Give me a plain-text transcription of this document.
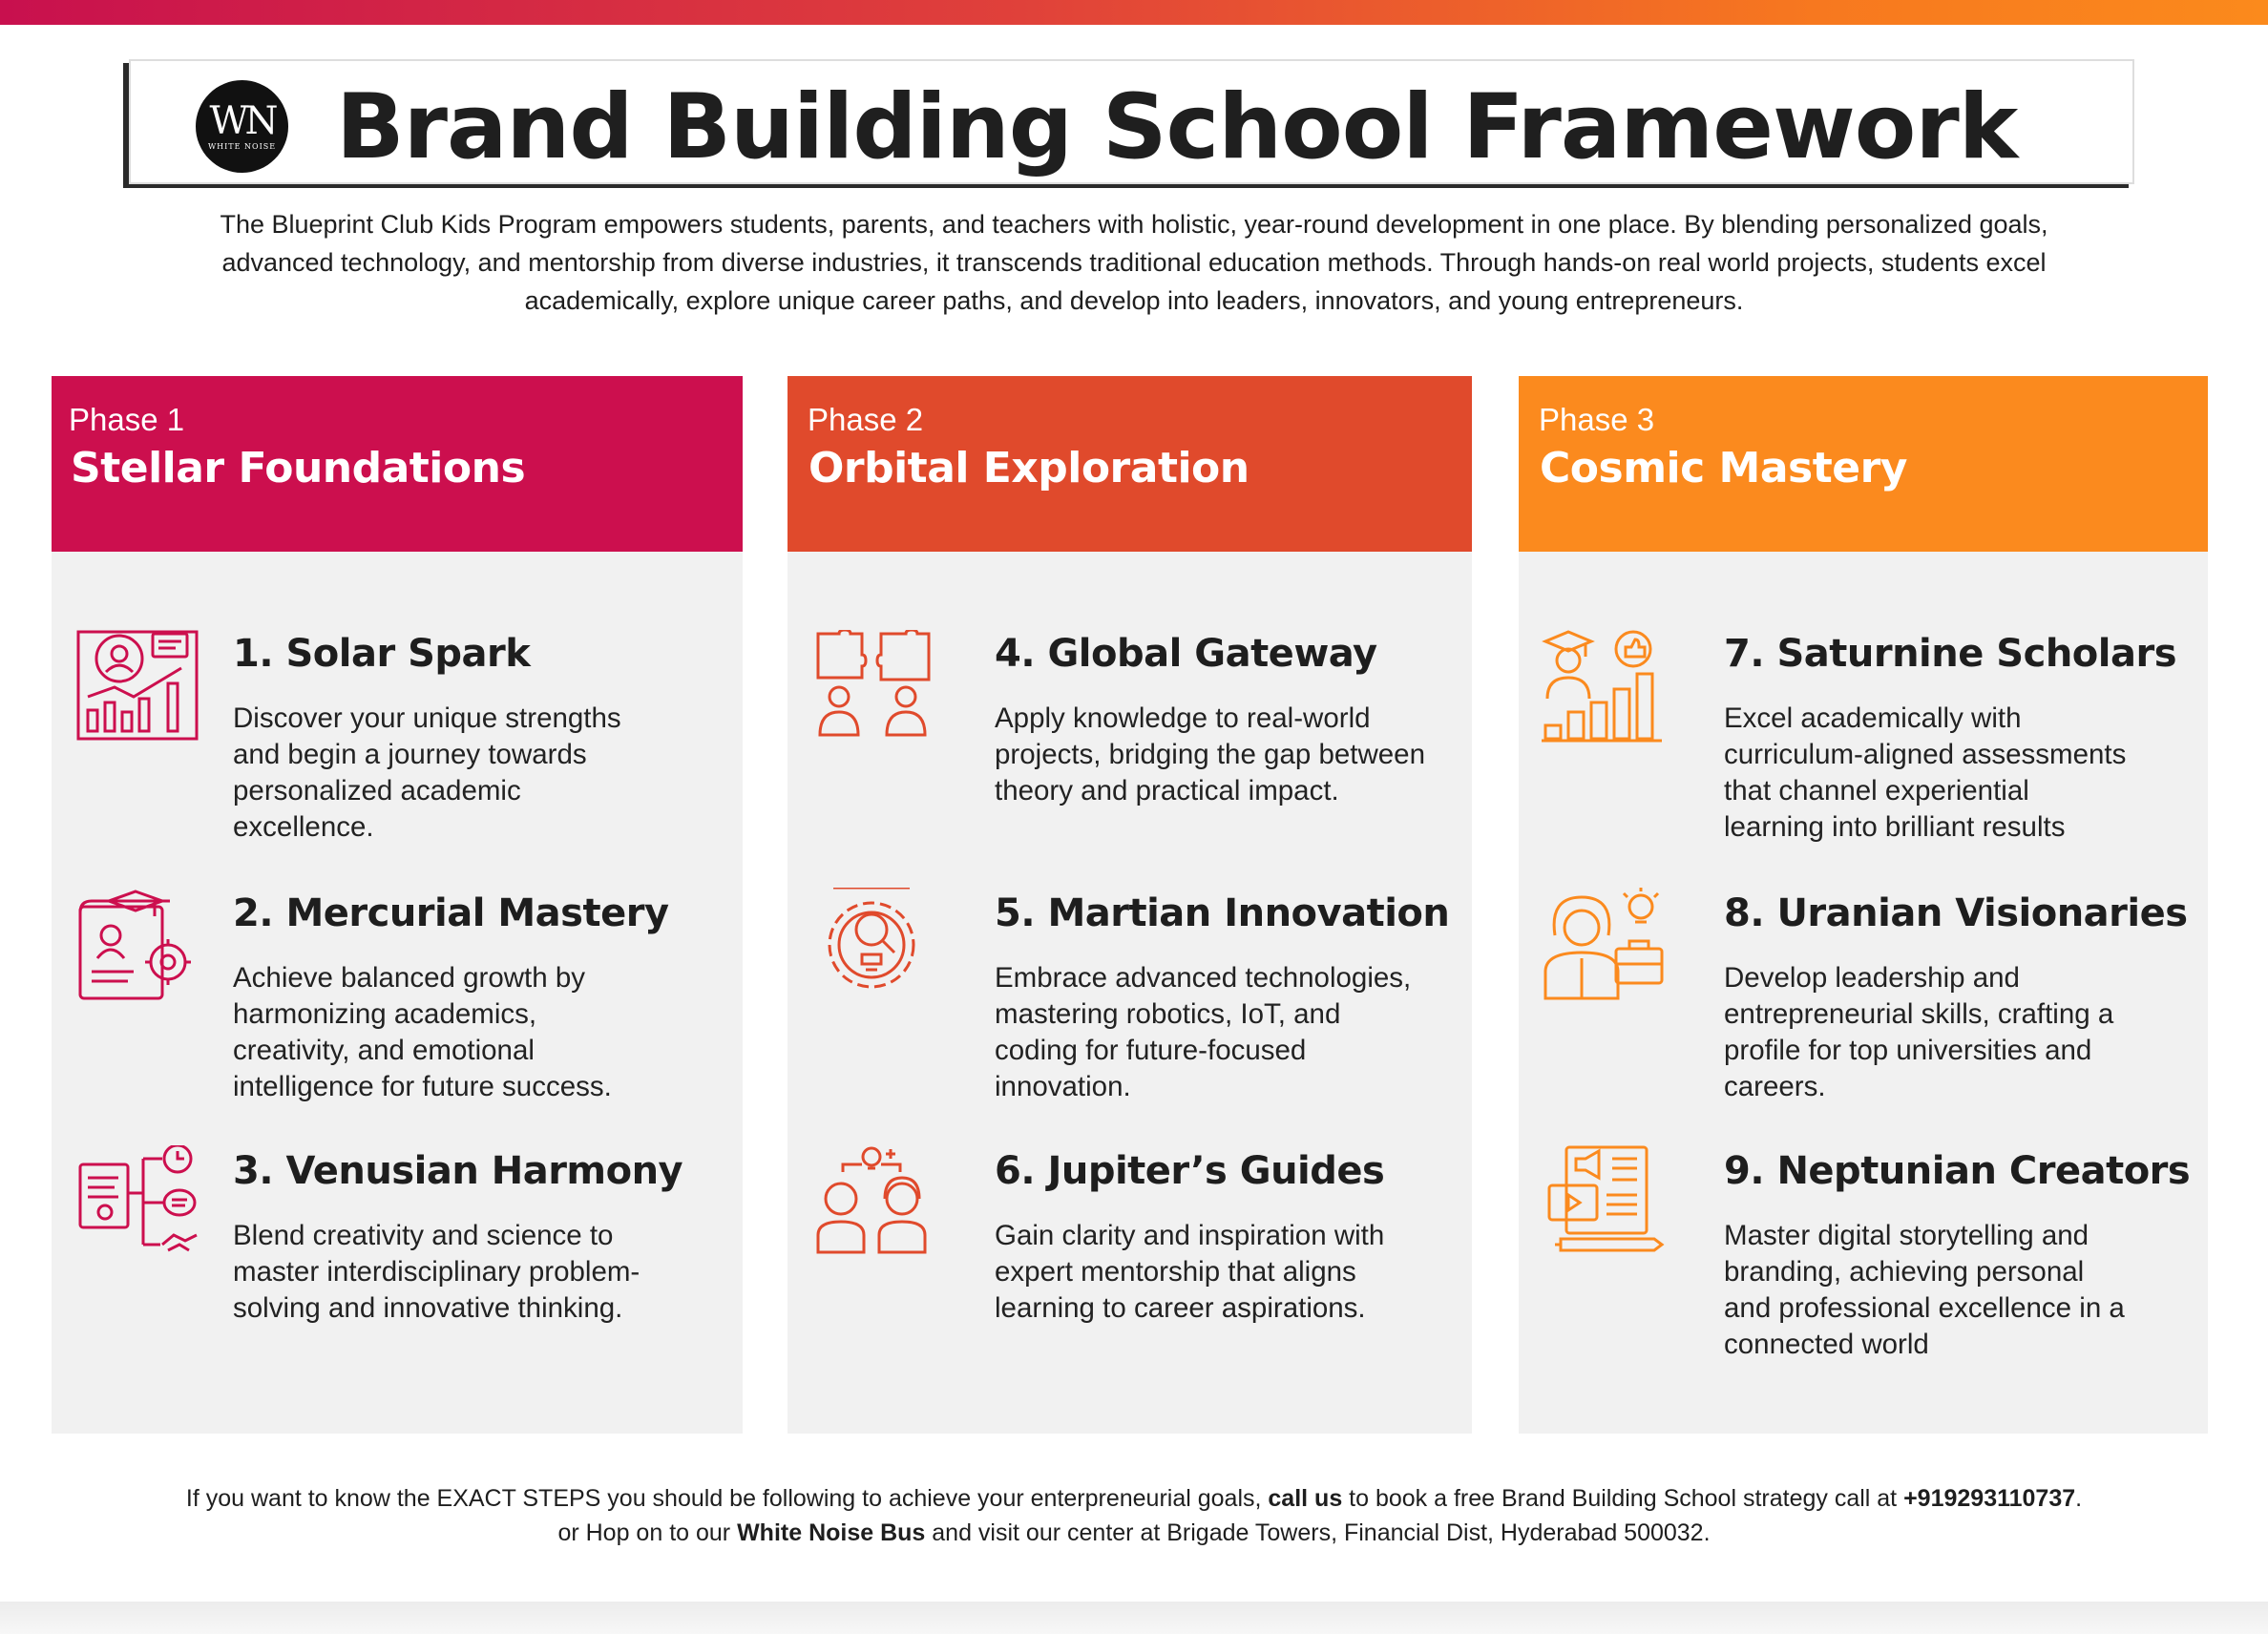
WN
WHITE NOISE Brand Building School Framework
The Blueprint Club Kids Program empowers students, parents, and teachers with holistic, year-round development in one place. By blending personalized goals,
advanced technology, and mentorship from diverse industries, it transcends traditional education methods. Through hands-on real world projects, students excel
academically, explore unique career paths, and develop into leaders, innovators, and young entrepreneurs.
Phase 1
Stellar Foundations
1. Solar Spark
Discover your unique strengths
and begin a journey towards
personalized academic
excellence.
2. Mercurial Mastery
Achieve balanced growth by
harmonizing academics,
creativity, and emotional
intelligence for future success.
3. Venusian Harmony
Blend creativity and science to
master interdisciplinary problem-
solving and innovative thinking.
Phase 2
Orbital Exploration
4. Global Gateway
Apply knowledge to real-world
projects, bridging the gap between
theory and practical impact.
5. Martian Innovation
Embrace advanced technologies,
mastering robotics, IoT, and
coding for future-focused
innovation.
6. Jupiter’s Guides
Gain clarity and inspiration with
expert mentorship that aligns
learning to career aspirations.
Phase 3
Cosmic Mastery
7. Saturnine Scholars
Excel academically with
curriculum-aligned assessments
that channel experiential
learning into brilliant results
8. Uranian Visionaries
Develop leadership and
entrepreneurial skills, crafting a
profile for top universities and
careers.
9. Neptunian Creators
Master digital storytelling and
branding, achieving personal
and professional excellence in a
connected world
If you want to know the EXACT STEPS you should be following to achieve your enterpreneurial goals, call us to book a free Brand Building School strategy call at +919293110737.
or Hop on to our White Noise Bus and visit our center at Brigade Towers, Financial Dist, Hyderabad 500032.
